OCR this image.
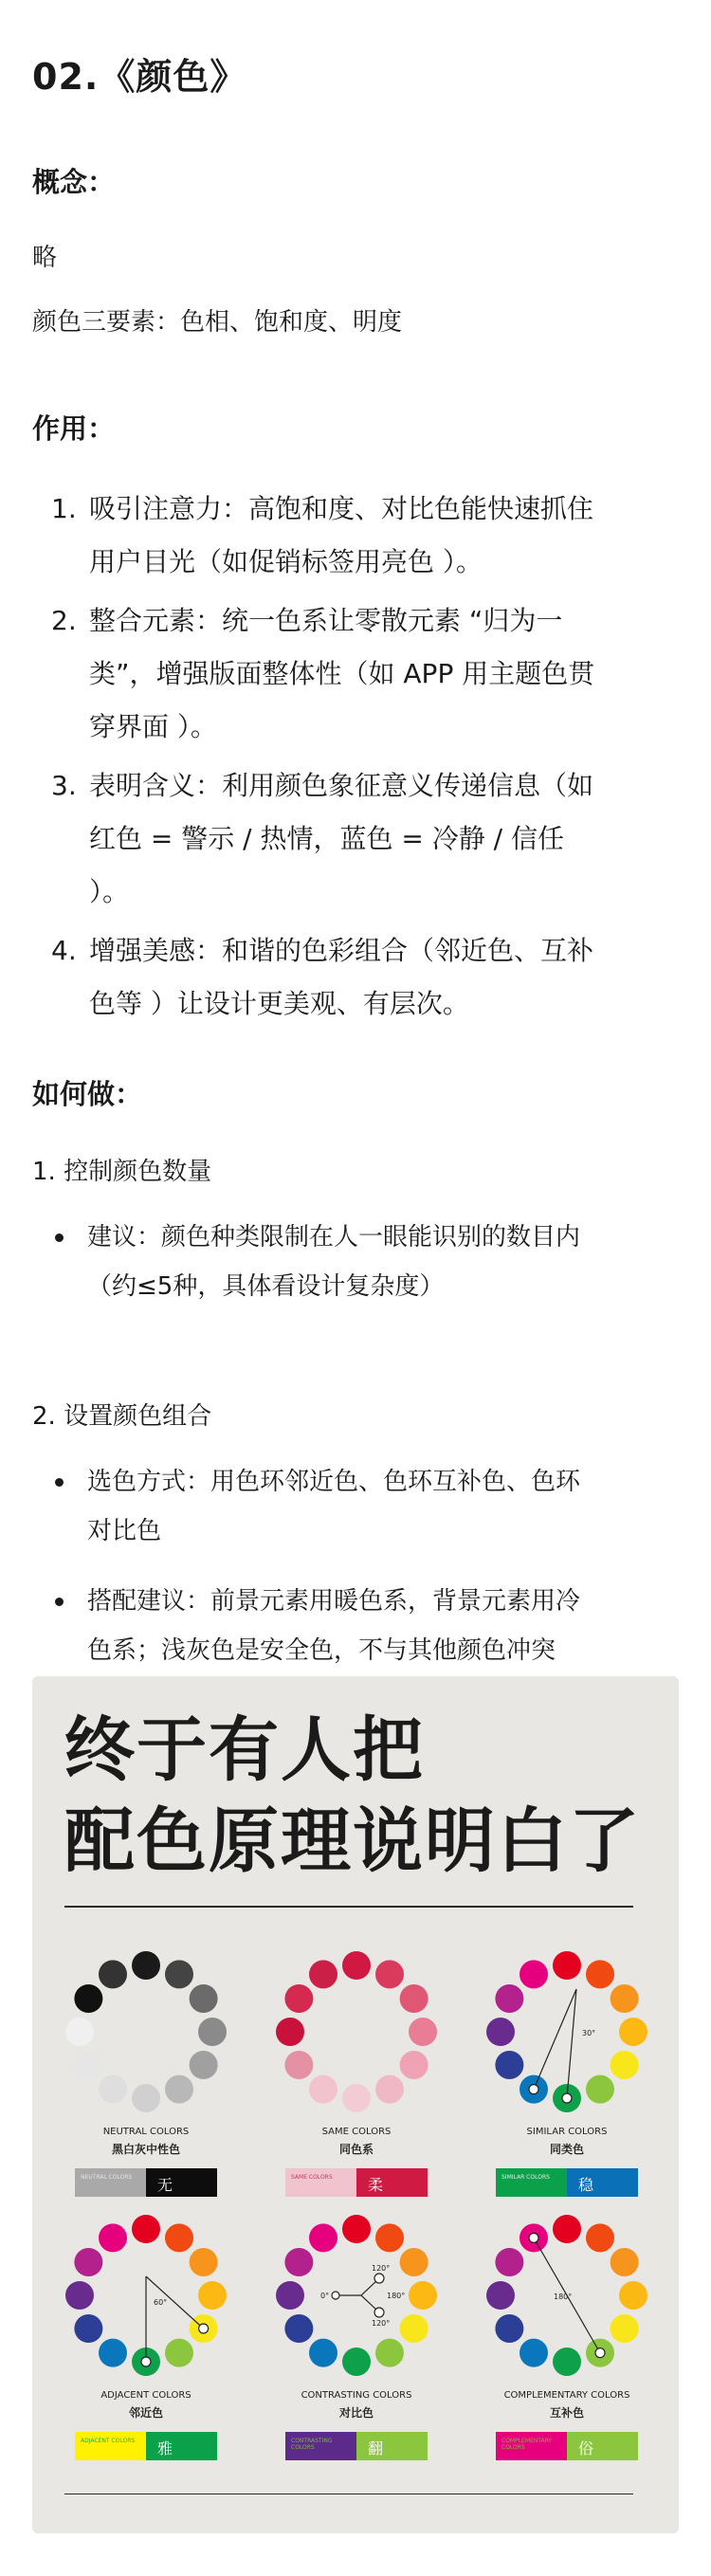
02.《颜色》
概念：
略
颜色三要素：色相、饱和度、明度
作用：
1. 吸引注意力：高饱和度、对比色能快速抓住
用户目光（如促销标签用亮色 ）。
2. 整合元素：统一色系让零散元素 “归为一
类”，增强版面整体性（如 APP 用主题色贯
穿界面 ）。
3. 表明含义：利用颜色象征意义传递信息（如
红色 = 警示 / 热情，蓝色 = 冷静 / 信任
）。
4. 增强美感：和谐的色彩组合（邻近色、互补
色等 ）让设计更美观、有层次。
如何做：
1. 控制颜色数量
建议：颜色种类限制在人一眼能识别的数目内
（约≤5种，具体看设计复杂度）
2. 设置颜色组合
选色方式：用色环邻近色、色环互补色、色环
对比色
搭配建议：前景元素用暖色系，背景元素用冷
色系；浅灰色是安全色，不与其他颜色冲突
终于有人把
配色原理说明白了
30°
60°
120°
0°	180°
120°
180°
NEUTRAL COLORS
黑白灰中性色
NEUTRAL COLORS 无
SAME COLORS
同色系
SAME COLORS 柔
SIMILAR COLORS
同类色
SIMILAR COLORS 稳
ADJACENT COLORS
邻近色
ADJACENT COLORS 雅
CONTRASTING COLORS
对比色
CONTRASTING COLORS	翻
COMPLEMENTARY COLORS
互补色
COMPLEMENTARY COLORS	俗
